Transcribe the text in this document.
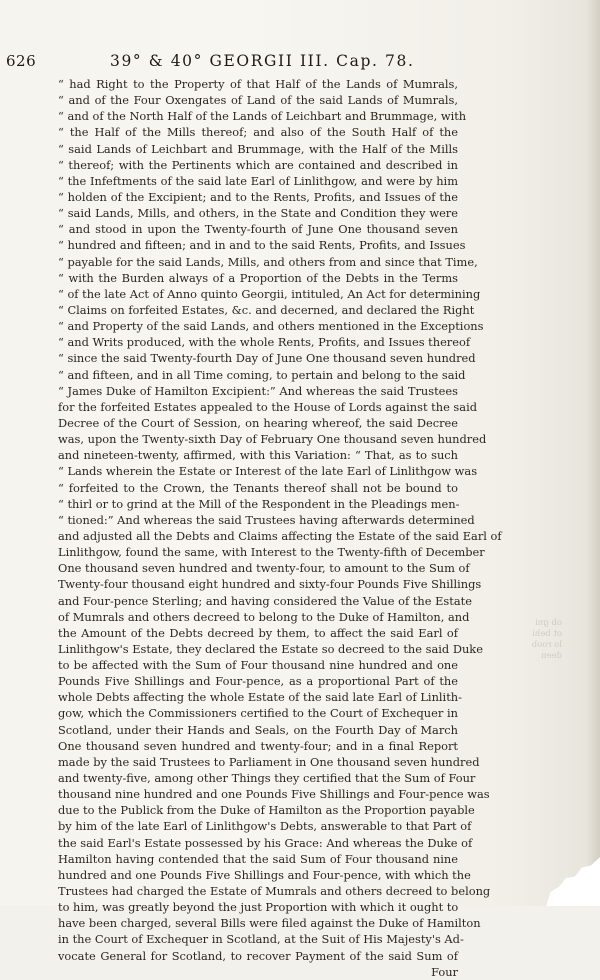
626	39° & 40° GEORGII III. Cap. 78.
“ had Right to the Property of that Half of the Lands of Mumrals,
“ and of the Four Oxengates of Land of the said Lands of Mumrals,
“ and of the North Half of the Lands of Leichbart and Brummage, with
“ the Half of the Mills thereof; and also of the South Half of the
“ said Lands of Leichbart and Brummage, with the Half of the Mills
“ thereof; with the Pertinents which are contained and described in
“ the Infeftments of the said late Earl of Linlithgow, and were by him
“ holden of the Excipient; and to the Rents, Profits, and Issues of the
“ said Lands, Mills, and others, in the State and Condition they were
“ and stood in upon the Twenty-fourth of June One thousand seven
“ hundred and fifteen; and in and to the said Rents, Profits, and Issues
“ payable for the said Lands, Mills, and others from and since that Time,
“ with the Burden always of a Proportion of the Debts in the Terms
“ of the late Act of Anno quinto Georgii, intituled, An Act for determining
“ Claims on forfeited Estates, &c. and decerned, and declared the Right
“ and Property of the said Lands, and others mentioned in the Exceptions
“ and Writs produced, with the whole Rents, Profits, and Issues thereof
“ since the said Twenty-fourth Day of June One thousand seven hundred
“ and fifteen, and in all Time coming, to pertain and belong to the said
“ James Duke of Hamilton Excipient:” And whereas the said Trustees
for the forfeited Estates appealed to the House of Lords against the said
Decree of the Court of Session, on hearing whereof, the said Decree
was, upon the Twenty-sixth Day of February One thousand seven hundred
and nineteen-twenty, affirmed, with this Variation: “ That, as to such
“ Lands wherein the Estate or Interest of the late Earl of Linlithgow was
“ forfeited to the Crown, the Tenants thereof shall not be bound to
“ thirl or to grind at the Mill of the Respondent in the Pleadings men-
“ tioned:” And whereas the said Trustees having afterwards determined
and adjusted all the Debts and Claims affecting the Estate of the said Earl of
Linlithgow, found the same, with Interest to the Twenty-fifth of December
One thousand seven hundred and twenty-four, to amount to the Sum of
Twenty-four thousand eight hundred and sixty-four Pounds Five Shillings
and Four-pence Sterling; and having considered the Value of the Estate
of Mumrals and others decreed to belong to the Duke of Hamilton, and
the Amount of the Debts decreed by them, to affect the said Earl of
Linlithgow's Estate, they declared the Estate so decreed to the said Duke
to be affected with the Sum of Four thousand nine hundred and one
Pounds Five Shillings and Four-pence, as a proportional Part of the
whole Debts affecting the whole Estate of the said late Earl of Linlith-
gow, which the Commissioners certified to the Court of Exchequer in
Scotland, under their Hands and Seals, on the Fourth Day of March
One thousand seven hundred and twenty-four; and in a final Report
made by the said Trustees to Parliament in One thousand seven hundred
and twenty-five, among other Things they certified that the Sum of Four
thousand nine hundred and one Pounds Five Shillings and Four-pence was
due to the Publick from the Duke of Hamilton as the Proportion payable
by him of the late Earl of Linlithgow's Debts, answerable to that Part of
the said Earl's Estate possessed by his Grace: And whereas the Duke of
Hamilton having contended that the said Sum of Four thousand nine
hundred and one Pounds Five Shillings and Four-pence, with which the
Trustees had charged the Estate of Mumrals and others decreed to belong
to him, was greatly beyond the just Proportion with which it ought to
have been charged, several Bills were filed against the Duke of Hamilton
in the Court of Exchequer in Scotland, at the Suit of His Majesty's Ad-
vocate General for Scotland, to recover Payment of the said Sum of
Four
ob gni
ot behi
lo roob
deen
